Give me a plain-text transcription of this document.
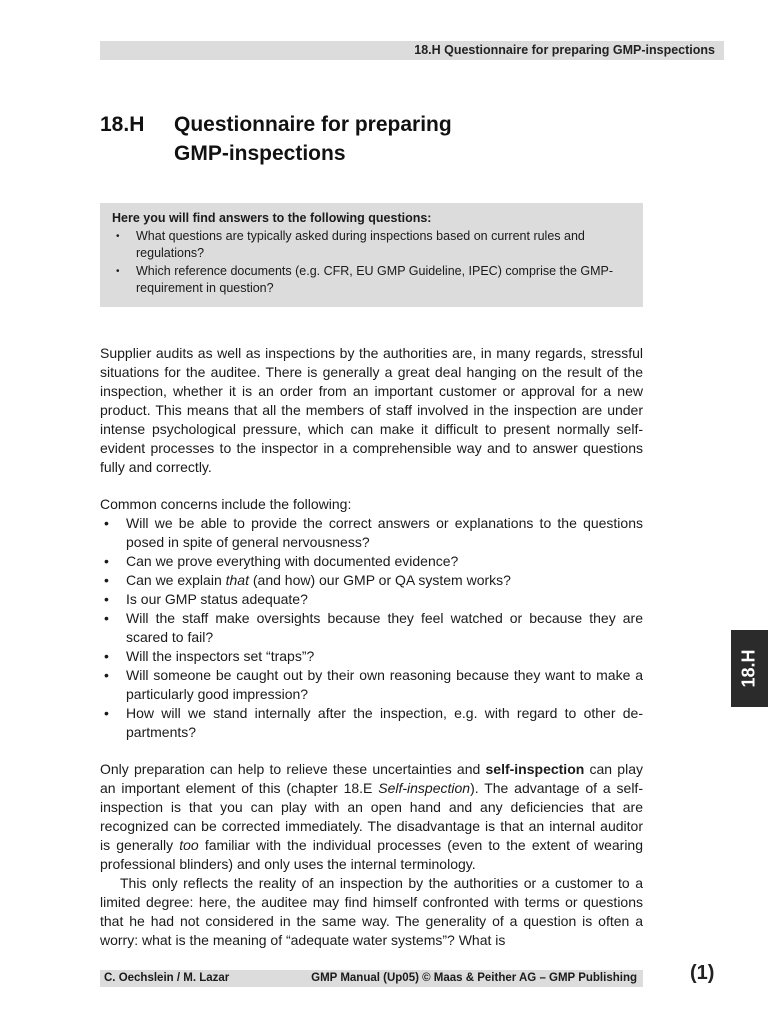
18.H Questionnaire for preparing GMP-inspections
18.H Questionnaire for preparing
GMP-inspections
Here you will find answers to the following questions:
• What questions are typically asked during inspections based on current rules and regulations?
• Which reference documents (e.g. CFR, EU GMP Guideline, IPEC) comprise the GMP-requirement in question?

Supplier audits as well as inspections by the authorities are, in many regards, stressful situations for the auditee. There is generally a great deal hanging on the result of the inspection, whether it is an order from an important customer or approval for a new product. This means that all the members of staff involved in the inspection are under intense psychological pressure, which can make it difficult to present normally self-evident processes to the inspector in a comprehensible way and to answer questions fully and correctly.

Common concerns include the following:

• Will we be able to provide the correct answers or explanations to the questions posed in spite of general nervousness?
• Can we prove everything with documented evidence?
• Can we explain that (and how) our GMP or QA system works?
• Is our GMP status adequate?
• Will the staff make oversights because they feel watched or because they are scared to fail?
• Will the inspectors set “traps”?
• Will someone be caught out by their own reasoning because they want to make a particularly good impression?
• How will we stand internally after the inspection, e.g. with regard to other departments?

Only preparation can help to relieve these uncertainties and self-inspection can play an important element of this (chapter 18.E Self-inspection). The advantage of a self-inspection is that you can play with an open hand and any deficiencies that are recognized can be corrected immediately. The disadvantage is that an internal auditor is generally too familiar with the individual processes (even to the extent of wearing professional blinders) and only uses the internal terminology.

This only reflects the reality of an inspection by the authorities or a customer to a limited degree: here, the auditee may find himself confronted with terms or questions that he had not considered in the same way. The generality of a question is often a worry: what is the meaning of “adequate water systems”? What is

18.H
C. Oechslein / M. Lazar	GMP Manual (Up05) © Maas & Peither AG – GMP Publishing	(1)
